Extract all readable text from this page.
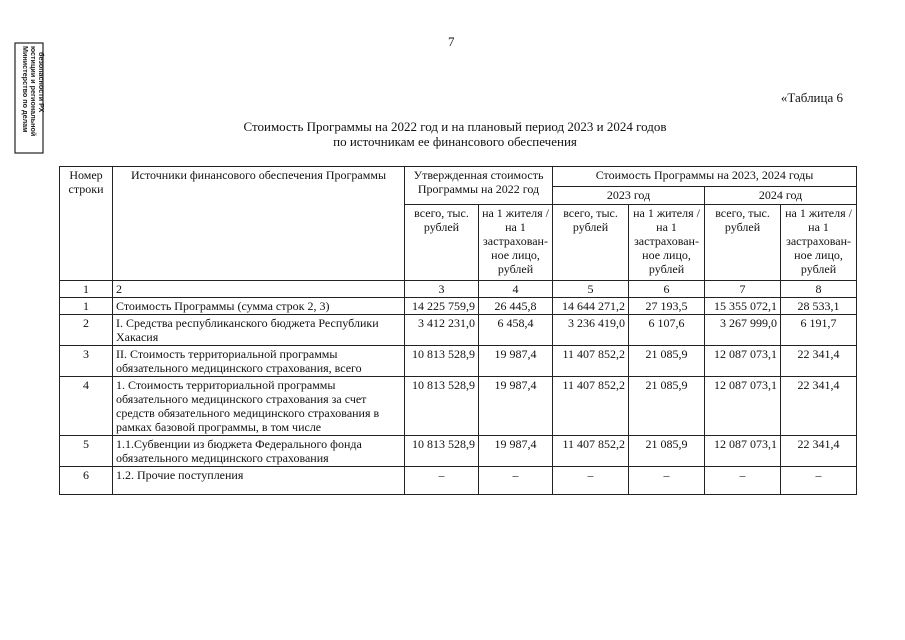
Министерство по делам юстиции и региональной безопасности РХ
7
«Таблица 6
Стоимость Программы на 2022 год и на плановый период 2023 и 2024 годов
по источникам ее финансового обеспечения
Номер строки	Источники финансового обеспечения Программы	Утвержденная стоимость Программы на 2022 год		Стоимость Программы на 2023, 2024 годы			
				2023 год		2024 год	
		всего, тыс. рублей	на 1 жителя / на 1 застрахован-ное лицо, рублей	всего, тыс. рублей	на 1 жителя / на 1 застрахован-ное лицо, рублей	всего, тыс. рублей	на 1 жителя / на 1 застрахован-ное лицо, рублей
1	2	3	4	5	6	7	8
1	Стоимость Программы (сумма строк 2, 3)	14 225 759,9	26 445,8	14 644 271,2	27 193,5	15 355 072,1	28 533,1
2	I. Средства республиканского бюджета Республики Хакасия	3 412 231,0	6 458,4	3 236 419,0	6 107,6	3 267 999,0	6 191,7
3	II. Стоимость территориальной программы обязательного медицинского страхования, всего	10 813 528,9	19 987,4	11 407 852,2	21 085,9	12 087 073,1	22 341,4
4	1. Стоимость территориальной программы обязательного медицинского страхования за счет средств обязательного медицинского страхования в рамках базовой программы, в том числе	10 813 528,9	19 987,4	11 407 852,2	21 085,9	12 087 073,1	22 341,4
5	1.1.Субвенции из бюджета Федерального фонда обязательного медицинского страхования	10 813 528,9	19 987,4	11 407 852,2	21 085,9	12 087 073,1	22 341,4
6	1.2. Прочие поступления	–	–	–	–	–	–
